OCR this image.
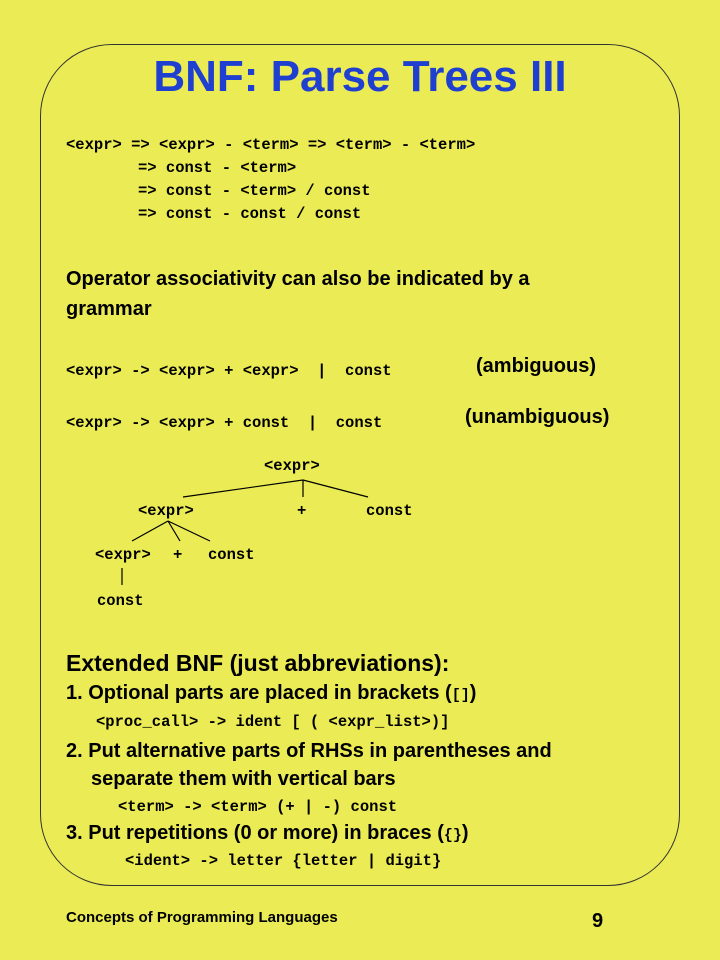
BNF: Parse Trees III
<expr> => <expr> - <term> => <term> - <term>
=> const - <term>
=> const - <term> / const
=> const - const / const
Operator associativity can also be indicated by a
grammar
<expr> -> <expr> + <expr>  |  const	(ambiguous)
<expr> -> <expr> + const  |  const	(unambiguous)
<expr>
<expr>	+	const
<expr> + const
const
Extended BNF (just abbreviations):
1. Optional parts are placed in brackets ([])
<proc_call> -> ident [ ( <expr_list>)]
2. Put alternative parts of RHSs in parentheses and
separate them with vertical bars
<term> -> <term> (+ | -) const
3. Put repetitions (0 or more) in braces ({})
<ident> -> letter {letter | digit}
Concepts of Programming Languages	9
